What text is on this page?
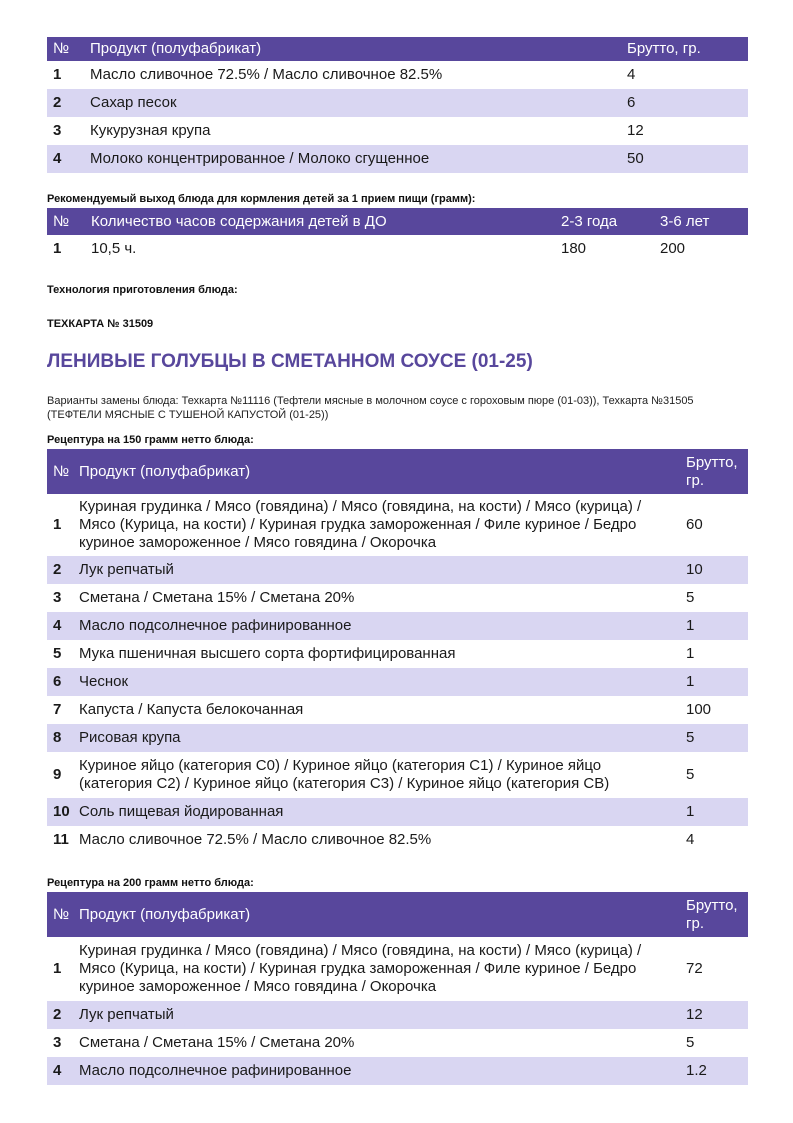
№	Продукт (полуфабрикат)	Брутто, гр.
1	Масло сливочное 72.5% / Масло сливочное 82.5%	4
2	Сахар песок	6
3	Кукурузная крупа	12
4	Молоко концентрированное / Молоко сгущенное	50

Рекомендуемый выход блюда для кормления детей за 1 прием пищи (грамм):

№	Количество часов содержания детей в ДО	2-3 года	3-6 лет
1	10,5 ч.	180	200

Технология приготовления блюда:

ТЕХКАРТА № 31509

ЛЕНИВЫЕ ГОЛУБЦЫ В СМЕТАННОМ СОУСЕ (01-25)

Варианты замены блюда: Техкарта №11116 (Тефтели мясные в молочном соусе с гороховым пюре (01-03)), Техкарта №31505 (ТЕФТЕЛИ МЯСНЫЕ С ТУШЕНОЙ КАПУСТОЙ (01-25))

Рецептура на 150 грамм нетто блюда:

№	Продукт (полуфабрикат)	Брутто, гр.
1	Куриная грудинка / Мясо (говядина) / Мясо (говядина, на кости) / Мясо (курица) / Мясо (Курица, на кости) / Куриная грудка замороженная / Филе куриное / Бедро куриное замороженное / Мясо говядина / Окорочка	60
2	Лук репчатый	10
3	Сметана / Сметана 15% / Сметана 20%	5
4	Масло подсолнечное рафинированное	1
5	Мука пшеничная высшего сорта фортифицированная	1
6	Чеснок	1
7	Капуста / Капуста белокочанная	100
8	Рисовая крупа	5
9	Куриное яйцо (категория С0) / Куриное яйцо (категория С1) / Куриное яйцо (категория С2) / Куриное яйцо (категория С3) / Куриное яйцо (категория СВ)	5
10	Соль пищевая йодированная	1
11	Масло сливочное 72.5% / Масло сливочное 82.5%	4

Рецептура на 200 грамм нетто блюда:

№	Продукт (полуфабрикат)	Брутто, гр.
1	Куриная грудинка / Мясо (говядина) / Мясо (говядина, на кости) / Мясо (курица) / Мясо (Курица, на кости) / Куриная грудка замороженная / Филе куриное / Бедро куриное замороженное / Мясо говядина / Окорочка	72
2	Лук репчатый	12
3	Сметана / Сметана 15% / Сметана 20%	5
4	Масло подсолнечное рафинированное	1.2
